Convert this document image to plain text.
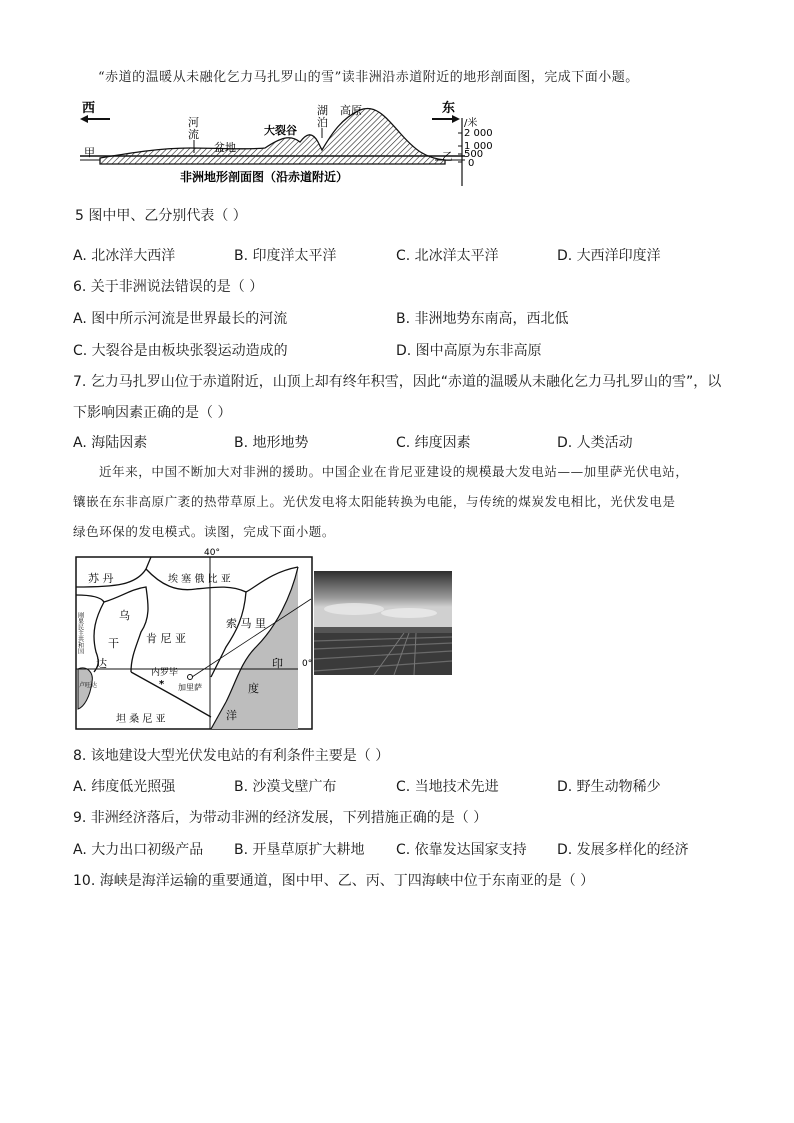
“赤道的温暖从未融化乞力马扎罗山的雪”读非洲沿赤道附近的地形剖面图，完成下面小题。
西	东
甲	乙
河
流
盆地
大裂谷
湖
泊
高原
/米
2 000
1 000
500
0
非洲地形剖面图（沿赤道附近）
5 图中甲、乙分别代表（ ）
A. 北冰洋大西洋	B. 印度洋太平洋	C. 北冰洋太平洋	D. 大西洋印度洋
6. 关于非洲说法错误的是（ ）
A. 图中所示河流是世界最长的河流	B. 非洲地势东南高，西北低
C. 大裂谷是由板块张裂运动造成的	D. 图中高原为东非高原
7. 乞力马扎罗山位于赤道附近，山顶上却有终年积雪，因此“赤道的温暖从未融化乞力马扎罗山的雪”，以
下影响因素正确的是（ ）
A. 海陆因素	B. 地形地势	C. 纬度因素	D. 人类活动
近年来，中国不断加大对非洲的援助。中国企业在肯尼亚建设的规模最大发电站——加里萨光伏电站，
镶嵌在东非高原广袤的热带草原上。光伏发电将太阳能转换为电能，与传统的煤炭发电相比，光伏发电是
绿色环保的发电模式。读图，完成下面小题。
40°
0°
苏 丹	埃 塞 俄 比 亚
索 马 里
乌
干
达
肯 尼 亚
内罗毕
* 加里萨
坦 桑 尼 亚
印
度
洋
刚果民主共和国
卢旺达
8. 该地建设大型光伏发电站的有利条件主要是（ ）
A. 纬度低光照强	B. 沙漠戈壁广布	C. 当地技术先进	D. 野生动物稀少
9. 非洲经济落后，为带动非洲的经济发展，下列措施正确的是（ ）
A. 大力出口初级产品 B. 开垦草原扩大耕地 C. 依靠发达国家支持 D. 发展多样化的经济
10. 海峡是海洋运输的重要通道，图中甲、乙、丙、丁四海峡中位于东南亚的是（ ）
